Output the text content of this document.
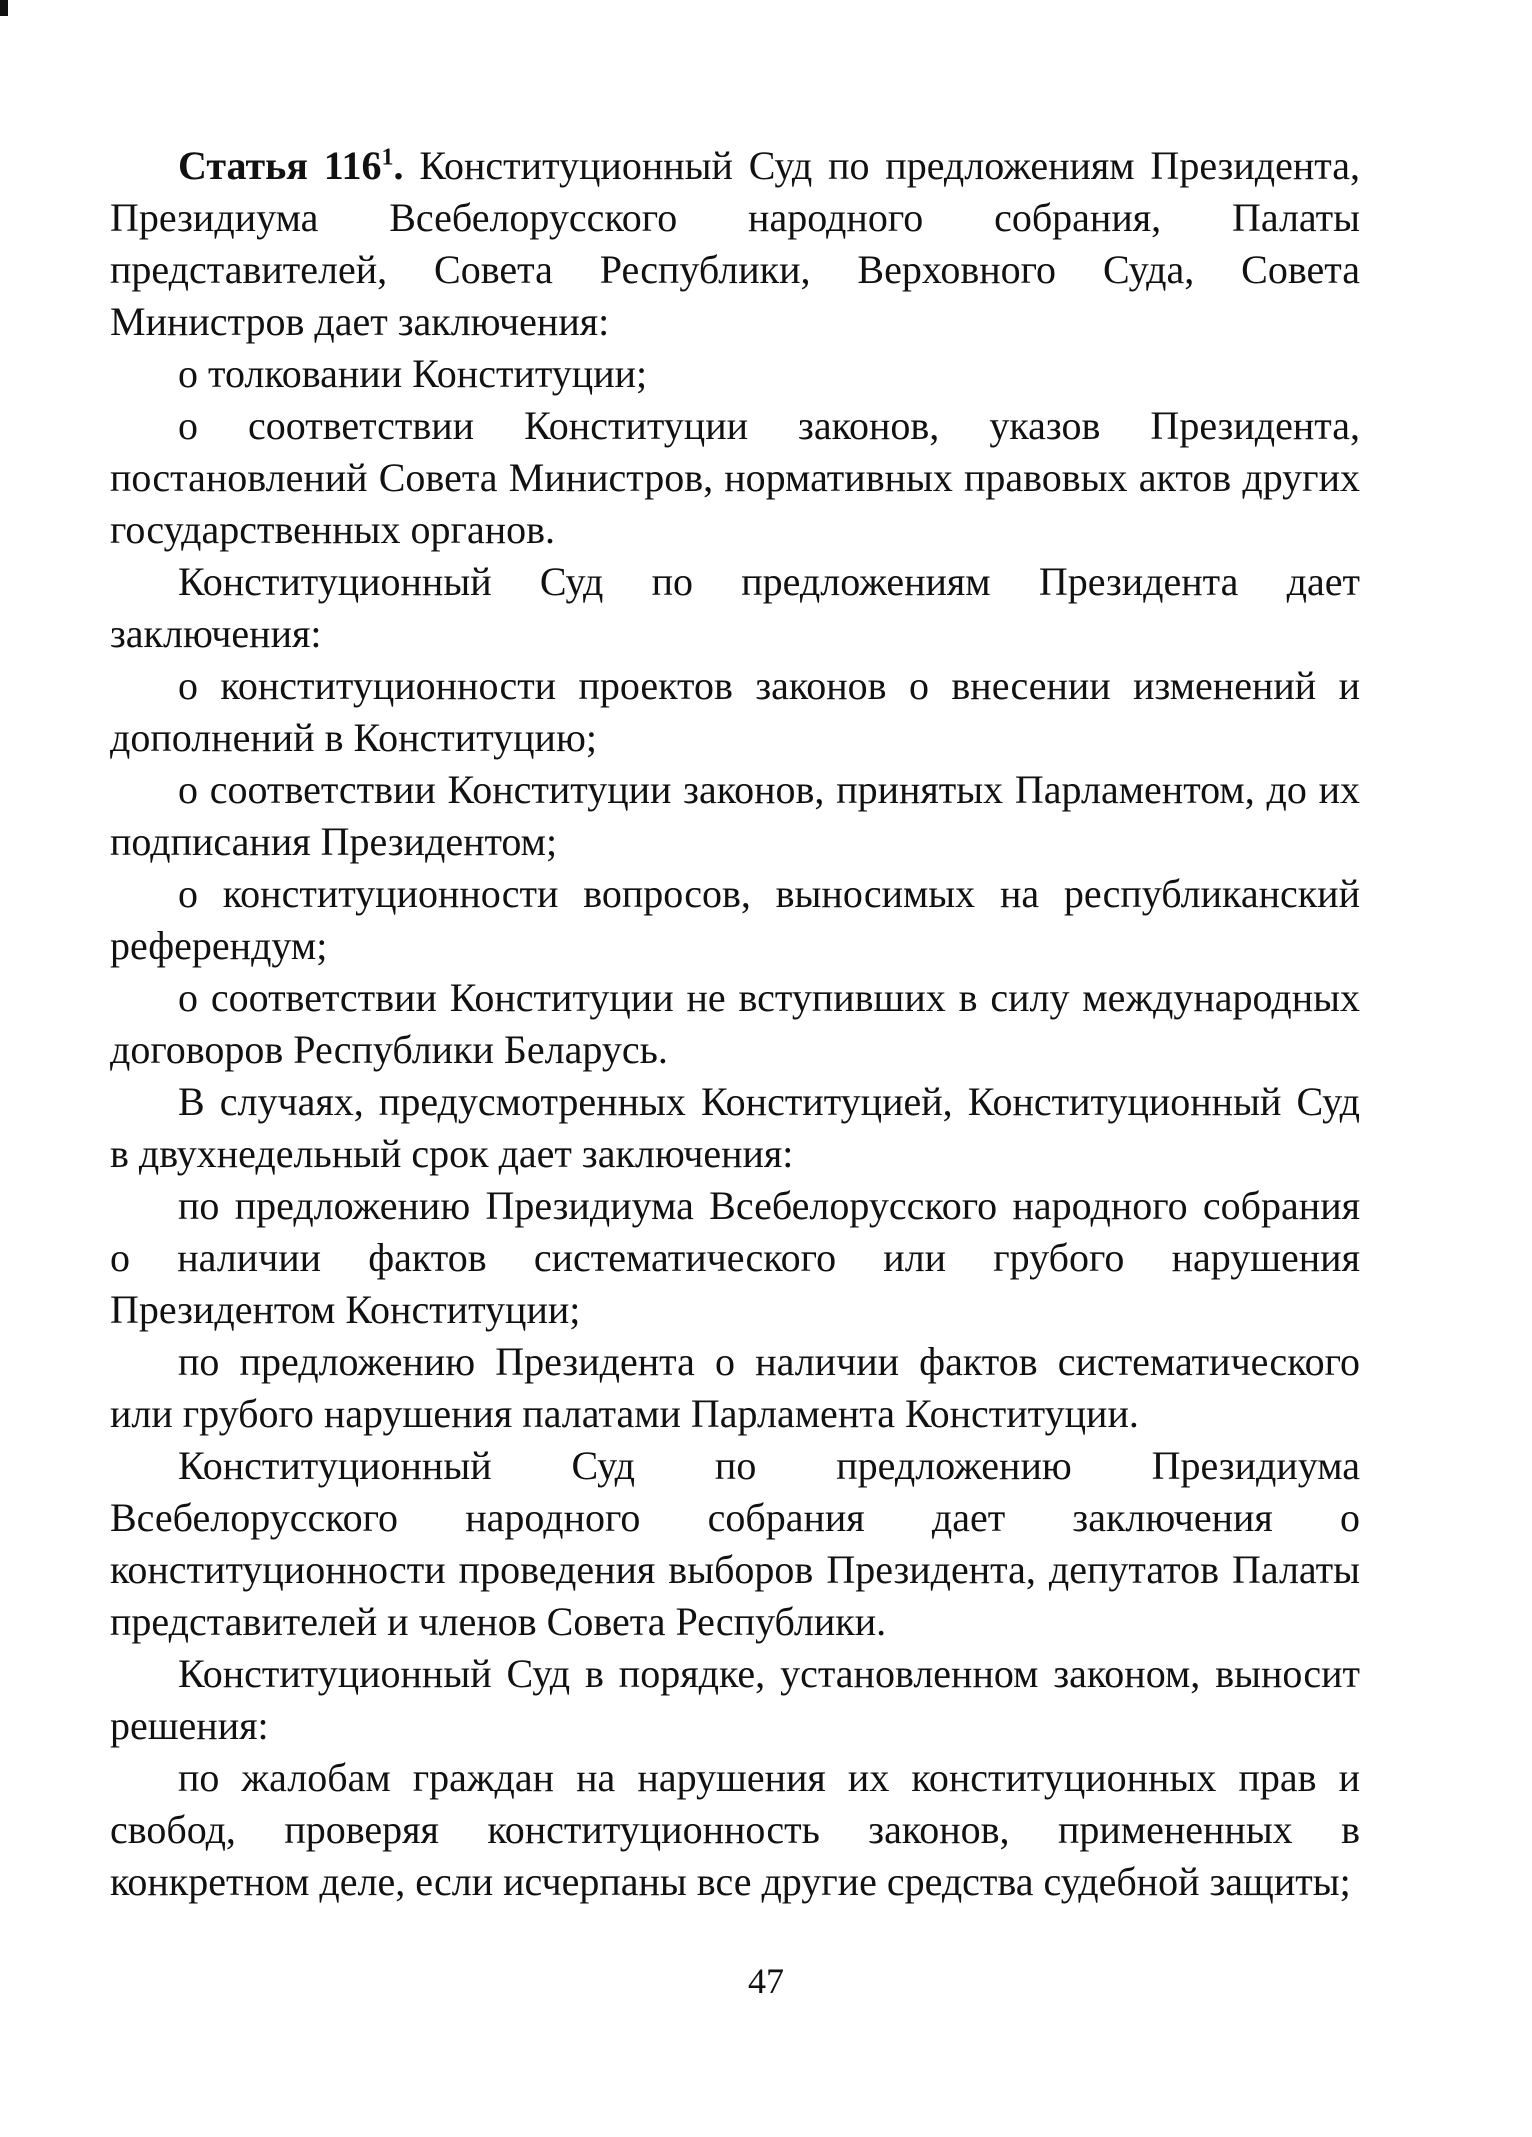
Статья $116^1$. Конституционный Суд по предложениям Президента, Президиума Всебелорусского народного собрания, Палаты представителей, Совета Республики, Верховного Суда, Совета Министров дает заключения:

о толковании Конституции;

о соответствии Конституции законов, указов Президента, постановлений Совета Министров, нормативных правовых актов других государственных органов.

Конституционный Суд по предложениям Президента дает заключения:

о конституционности проектов законов о внесении изменений и дополнений в Конституцию;

о соответствии Конституции законов, принятых Парламентом, до их подписания Президентом;

о конституционности вопросов, выносимых на республиканский референдум;

о соответствии Конституции не вступивших в силу международных договоров Республики Беларусь.

В случаях, предусмотренных Конституцией, Конституционный Суд в двухнедельный срок дает заключения:

по предложению Президиума Всебелорусского народного собрания о наличии фактов систематического или грубого нарушения Президентом Конституции;

по предложению Президента о наличии фактов систематического или грубого нарушения палатами Парламента Конституции.

Конституционный Суд по предложению Президиума Всебелорусского народного собрания дает заключения о конституционности проведения выборов Президента, депутатов Палаты представителей и членов Совета Республики.

Конституционный Суд в порядке, установленном законом, выносит решения:

по жалобам граждан на нарушения их конституционных прав и свобод, проверяя конституционность законов, примененных в конкретном деле, если исчерпаны все другие средства судебной защиты;

47
